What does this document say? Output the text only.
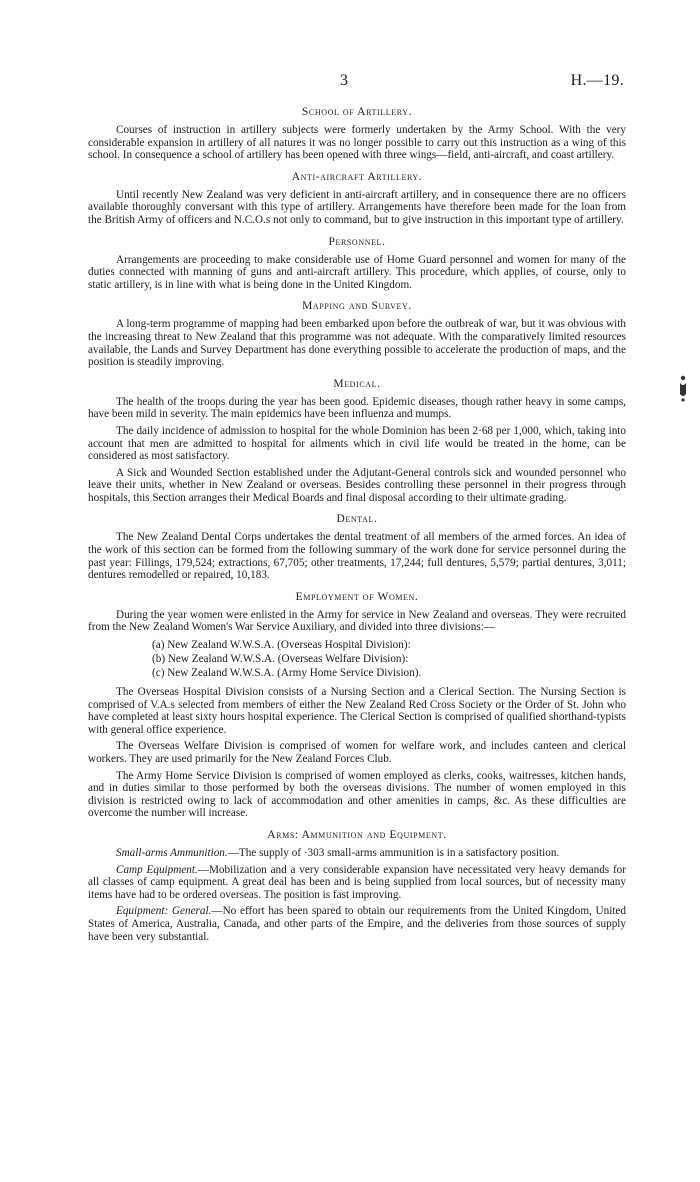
3	H.—19.
School of Artillery.

Courses of instruction in artillery subjects were formerly undertaken by the Army School. With the very considerable expansion in artillery of all natures it was no longer possible to carry out this instruction as a wing of this school. In consequence a school of artillery has been opened with three wings—field, anti-aircraft, and coast artillery.

Anti-aircraft Artillery.

Until recently New Zealand was very deficient in anti-aircraft artillery, and in consequence there are no officers available thoroughly conversant with this type of artillery. Arrangements have therefore been made for the loan from the British Army of officers and N.C.O.s not only to command, but to give instruction in this important type of artillery.

Personnel.

Arrangements are proceeding to make considerable use of Home Guard personnel and women for many of the duties connected with manning of guns and anti-aircraft artillery. This procedure, which applies, of course, only to static artillery, is in line with what is being done in the United Kingdom.

Mapping and Survey.

A long-term programme of mapping had been embarked upon before the outbreak of war, but it was obvious with the increasing threat to New Zealand that this programme was not adequate. With the comparatively limited resources available, the Lands and Survey Department has done everything possible to accelerate the production of maps, and the position is steadily improving.

Medical.

The health of the troops during the year has been good. Epidemic diseases, though rather heavy in some camps, have been mild in severity. The main epidemics have been influenza and mumps.

The daily incidence of admission to hospital for the whole Dominion has been 2·68 per 1,000, which, taking into account that men are admitted to hospital for ailments which in civil life would be treated in the home, can be considered as most satisfactory.

A Sick and Wounded Section established under the Adjutant-General controls sick and wounded personnel who leave their units, whether in New Zealand or overseas. Besides controlling these personnel in their progress through hospitals, this Section arranges their Medical Boards and final disposal according to their ultimate grading.

Dental.

The New Zealand Dental Corps undertakes the dental treatment of all members of the armed forces. An idea of the work of this section can be formed from the following summary of the work done for service personnel during the past year: Fillings, 179,524; extractions, 67,705; other treatments, 17,244; full dentures, 5,579; partial dentures, 3,011; dentures remodelled or repaired, 10,183.

Employment of Women.

During the year women were enlisted in the Army for service in New Zealand and overseas. They were recruited from the New Zealand Women's War Service Auxiliary, and divided into three divisions:—

(a) New Zealand W.W.S.A. (Overseas Hospital Division):
(b) New Zealand W.W.S.A. (Overseas Welfare Division):
(c) New Zealand W.W.S.A. (Army Home Service Division).

The Overseas Hospital Division consists of a Nursing Section and a Clerical Section. The Nursing Section is comprised of V.A.s selected from members of either the New Zealand Red Cross Society or the Order of St. John who have completed at least sixty hours hospital experience. The Clerical Section is comprised of qualified shorthand-typists with general office experience.

The Overseas Welfare Division is comprised of women for welfare work, and includes canteen and clerical workers. They are used primarily for the New Zealand Forces Club.

The Army Home Service Division is comprised of women employed as clerks, cooks, waitresses, kitchen hands, and in duties similar to those performed by both the overseas divisions. The number of women employed in this division is restricted owing to lack of accommodation and other amenities in camps, &c. As these difficulties are overcome the number will increase.

Arms: Ammunition and Equipment.

Small-arms Ammunition.—The supply of ·303 small-arms ammunition is in a satisfactory position.

Camp Equipment.—Mobilization and a very considerable expansion have necessitated very heavy demands for all classes of camp equipment. A great deal has been and is being supplied from local sources, but of necessity many items have had to be ordered overseas. The position is fast improving.

Equipment: General.—No effort has been spared to obtain our requirements from the United Kingdom, United States of America, Australia, Canada, and other parts of the Empire, and the deliveries from those sources of supply have been very substantial.
